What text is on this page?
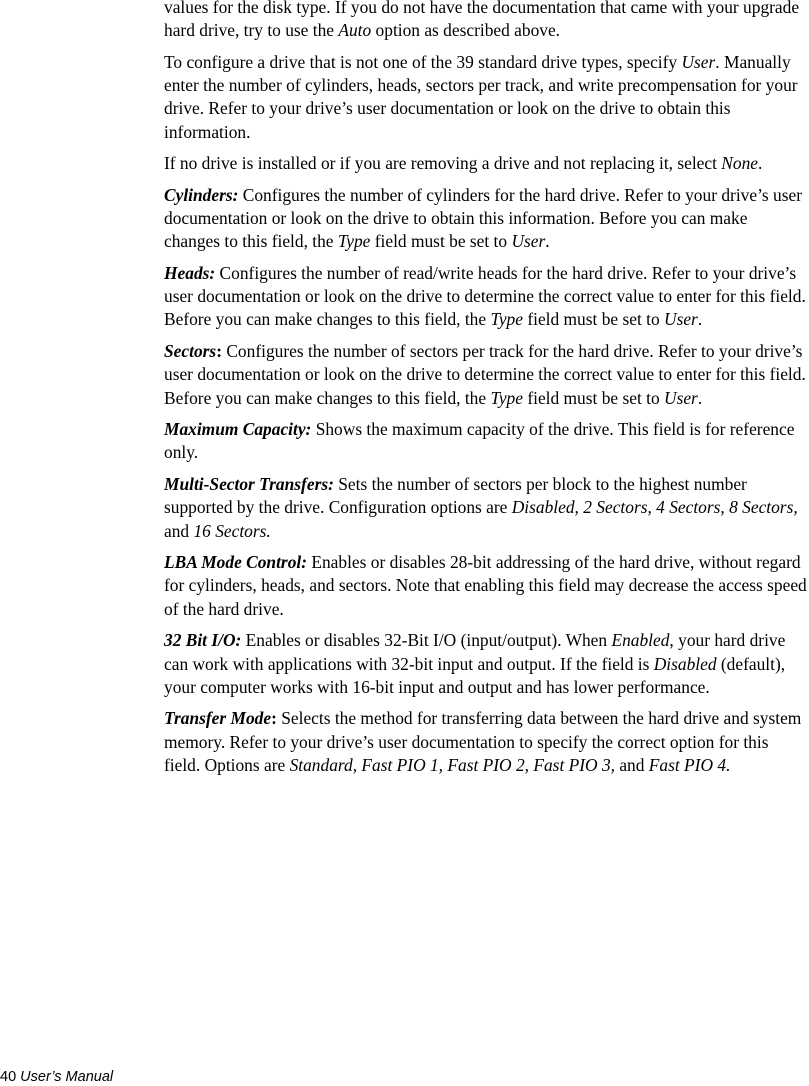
values for the disk type. If you do not have the documentation that came with your upgrade hard drive, try to use the Auto option as described above.

To configure a drive that is not one of the 39 standard drive types, specify User. Manually enter the number of cylinders, heads, sectors per track, and write precompensation for your drive. Refer to your drive’s user documentation or look on the drive to obtain this information.

If no drive is installed or if you are removing a drive and not replacing it, select None.

Cylinders: Configures the number of cylinders for the hard drive. Refer to your drive’s user documentation or look on the drive to obtain this information. Before you can make changes to this field, the Type field must be set to User.

Heads: Configures the number of read/write heads for the hard drive. Refer to your drive’s user documentation or look on the drive to determine the correct value to enter for this field. Before you can make changes to this field, the Type field must be set to User.

Sectors: Configures the number of sectors per track for the hard drive. Refer to your drive’s user documentation or look on the drive to determine the correct value to enter for this field. Before you can make changes to this field, the Type field must be set to User.

Maximum Capacity: Shows the maximum capacity of the drive. This field is for reference only.

Multi-Sector Transfers: Sets the number of sectors per block to the highest number supported by the drive. Configuration options are Disabled, 2 Sectors, 4 Sectors, 8 Sectors, and 16 Sectors.

LBA Mode Control: Enables or disables 28-bit addressing of the hard drive, without regard for cylinders, heads, and sectors. Note that enabling this field may decrease the access speed of the hard drive.

32 Bit I/O: Enables or disables 32-Bit I/O (input/output). When Enabled, your hard drive can work with applications with 32-bit input and output. If the field is Disabled (default), your computer works with 16-bit input and output and has lower performance.

Transfer Mode: Selects the method for transferring data between the hard drive and system memory. Refer to your drive’s user documentation to specify the correct option for this field. Options are Standard, Fast PIO 1, Fast PIO 2, Fast PIO 3, and Fast PIO 4.

40 User’s Manual
